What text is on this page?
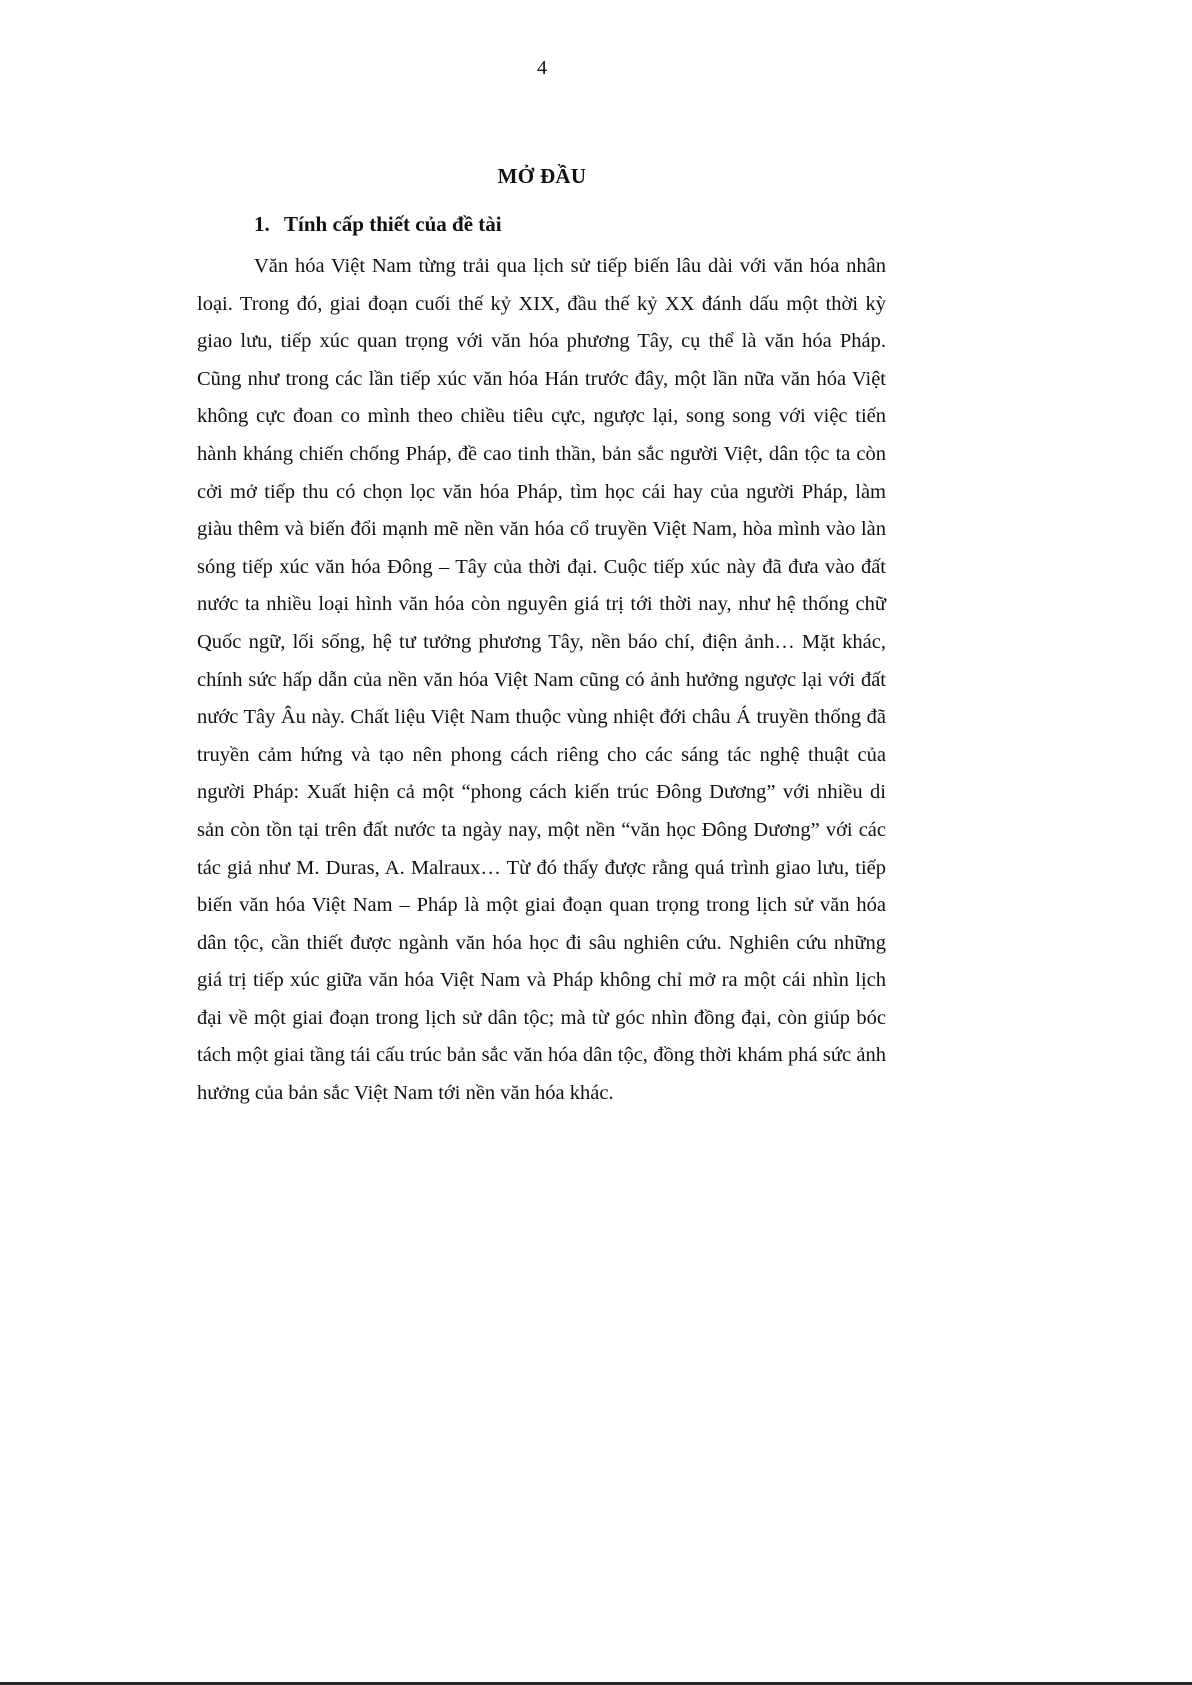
4
MỞ ĐẦU
1. Tính cấp thiết của đề tài

Văn hóa Việt Nam từng trải qua lịch sử tiếp biến lâu dài với văn hóa nhân loại. Trong đó, giai đoạn cuối thế kỷ XIX, đầu thế kỷ XX đánh dấu một thời kỳ giao lưu, tiếp xúc quan trọng với văn hóa phương Tây, cụ thể là văn hóa Pháp. Cũng như trong các lần tiếp xúc văn hóa Hán trước đây, một lần nữa văn hóa Việt không cực đoan co mình theo chiều tiêu cực, ngược lại, song song với việc tiến hành kháng chiến chống Pháp, đề cao tinh thần, bản sắc người Việt, dân tộc ta còn cởi mở tiếp thu có chọn lọc văn hóa Pháp, tìm học cái hay của người Pháp, làm giàu thêm và biến đổi mạnh mẽ nền văn hóa cổ truyền Việt Nam, hòa mình vào làn sóng tiếp xúc văn hóa Đông – Tây của thời đại. Cuộc tiếp xúc này đã đưa vào đất nước ta nhiều loại hình văn hóa còn nguyên giá trị tới thời nay, như hệ thống chữ Quốc ngữ, lối sống, hệ tư tưởng phương Tây, nền báo chí, điện ảnh… Mặt khác, chính sức hấp dẫn của nền văn hóa Việt Nam cũng có ảnh hưởng ngược lại với đất nước Tây Âu này. Chất liệu Việt Nam thuộc vùng nhiệt đới châu Á truyền thống đã truyền cảm hứng và tạo nên phong cách riêng cho các sáng tác nghệ thuật của người Pháp: Xuất hiện cả một “phong cách kiến trúc Đông Dương” với nhiều di sản còn tồn tại trên đất nước ta ngày nay, một nền “văn học Đông Dương” với các tác giả như M. Duras, A. Malraux… Từ đó thấy được rằng quá trình giao lưu, tiếp biến văn hóa Việt Nam – Pháp là một giai đoạn quan trọng trong lịch sử văn hóa dân tộc, cần thiết được ngành văn hóa học đi sâu nghiên cứu. Nghiên cứu những giá trị tiếp xúc giữa văn hóa Việt Nam và Pháp không chỉ mở ra một cái nhìn lịch đại về một giai đoạn trong lịch sử dân tộc; mà từ góc nhìn đồng đại, còn giúp bóc tách một giai tầng tái cấu trúc bản sắc văn hóa dân tộc, đồng thời khám phá sức ảnh hưởng của bản sắc Việt Nam tới nền văn hóa khác.
